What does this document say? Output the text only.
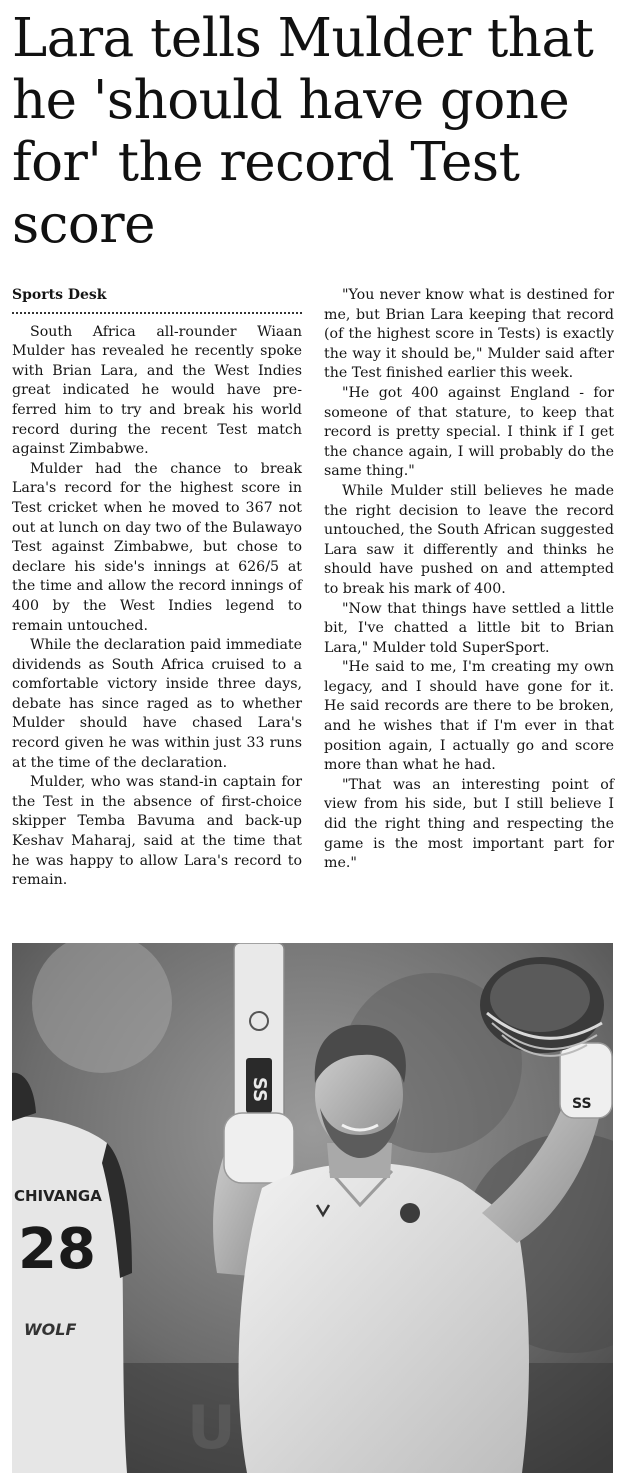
Lara tells Mulder that he 'should have gone for' the record Test score
Sports Desk

South Africa all-rounder Wiaan Mulder has revealed he recently spoke with Brian Lara, and the West Indies great indicated he would have preferred him to try and break his world record during the recent Test match against Zimbabwe.

Mulder had the chance to break Lara's record for the highest score in Test cricket when he moved to 367 not out at lunch on day two of the Bulawayo Test against Zimbabwe, but chose to declare his side's innings at 626/5 at the time and allow the record innings of 400 by the West Indies legend to remain untouched.

While the declaration paid immediate dividends as South Africa cruised to a comfortable victory inside three days, debate has since raged as to whether Mulder should have chased Lara's record given he was within just 33 runs at the time of the declaration.

Mulder, who was stand-in captain for the Test in the absence of first-choice skipper Temba Bavuma and back-up Keshav Maharaj, said at the time that he was happy to allow Lara's record to remain.

"You never know what is destined for me, but Brian Lara keeping that record (of the highest score in Tests) is exactly the way it should be," Mulder said after the Test finished earlier this week.

"He got 400 against England - for someone of that stature, to keep that record is pretty special. I think if I get the chance again, I will probably do the same thing."

While Mulder still believes he made the right decision to leave the record untouched, the South African suggested Lara saw it differently and thinks he should have pushed on and attempted to break his mark of 400.

"Now that things have settled a little bit, I've chatted a little bit to Brian Lara," Mulder told SuperSport.

"He said to me, I'm creating my own legacy, and I should have gone for it. He said records are there to be broken, and he wishes that if I'm ever in that position again, I actually go and score more than what he had.

"That was an interesting point of view from his side, but I still believe I did the right thing and respecting the game is the most important part for me."

U
SS
SS
CHIVANGA
28
WOLF
